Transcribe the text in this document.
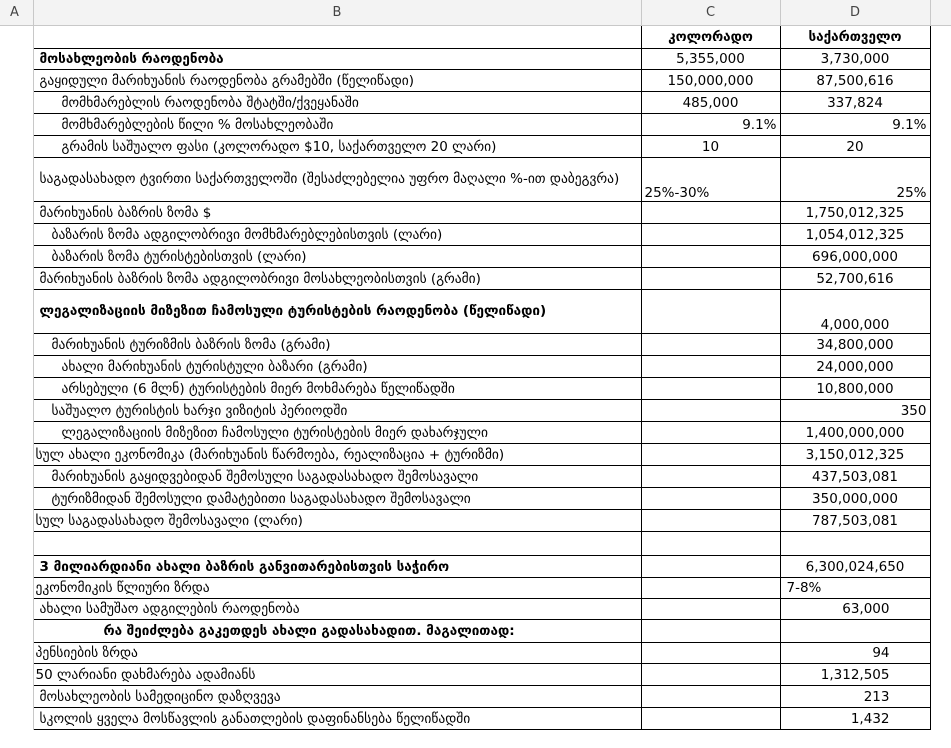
A	B	C	D	
		კოლორადო	საქართველო	
	მოსახლეობის რაოდენობა	5,355,000	3,730,000	
	გაყიდული მარიხუანის რაოდენობა გრამებში (წელიწადი)	150,000,000	87,500,616	
	მომხმარებლის რაოდენობა შტატში/ქვეყანაში	485,000	337,824	
	მომხმარებლების წილი % მოსახლეობაში	9.1%	9.1%	
	გრამის საშუალო ფასი (კოლორადო $10, საქართველო 20 ლარი)	10	20	
	საგადასახადო ტვირთი საქართველოში (შესაძლებელია უფრო მაღალი %-ით დაბეგვრა)	25%-30%	25%	
	მარიხუანის ბაზრის ზომა $		1,750,012,325	
	ბაზარის ზომა ადგილობრივი მომხმარებლებისთვის (ლარი)		1,054,012,325	
	ბაზარის ზომა ტურისტებისთვის (ლარი)		696,000,000	
	მარიხუანის ბაზრის ზომა ადგილობრივი მოსახლეობისთვის (გრამი)		52,700,616	
	ლეგალიზაციის მიზეზით ჩამოსული ტურისტების რაოდენობა (წელიწადი)		4,000,000	
	მარიხუანის ტურიზმის ბაზრის ზომა (გრამი)		34,800,000	
	ახალი მარიხუანის ტურისტული ბაზარი (გრამი)		24,000,000	
	არსებული (6 მლნ) ტურისტების მიერ მოხმარება წელიწადში		10,800,000	
	საშუალო ტურისტის ხარჯი ვიზიტის პერიოდში		350	
	ლეგალიზაციის მიზეზით ჩამოსული ტურისტების მიერ დახარჯული		1,400,000,000	
	სულ ახალი ეკონომიკა (მარიხუანის წარმოება, რეალიზაცია + ტურიზმი)		3,150,012,325	
	მარიხუანის გაყიდვებიდან შემოსული საგადასახადო შემოსავალი		437,503,081	
	ტურიზმიდან შემოსული დამატებითი საგადასახადო შემოსავალი		350,000,000	
	სულ საგადასახადო შემოსავალი (ლარი)		787,503,081	

	3 მილიარდიანი ახალი ბაზრის განვითარებისთვის საჭირო		6,300,024,650	
	ეკონომიკის წლიური ზრდა		7-8%	
	ახალი სამუშაო ადგილების რაოდენობა		63,000	
	რა შეიძლება გაკეთდეს ახალი გადასახადით. მაგალითად:			
	პენსიების ზრდა		94	
	50 ლარიანი დახმარება ადამიანს		1,312,505	
	მოსახლეობის სამედიცინო დაზღვევა		213	
	სკოლის ყველა მოსწავლის განათლების დაფინანსება წელიწადში		1,432	
